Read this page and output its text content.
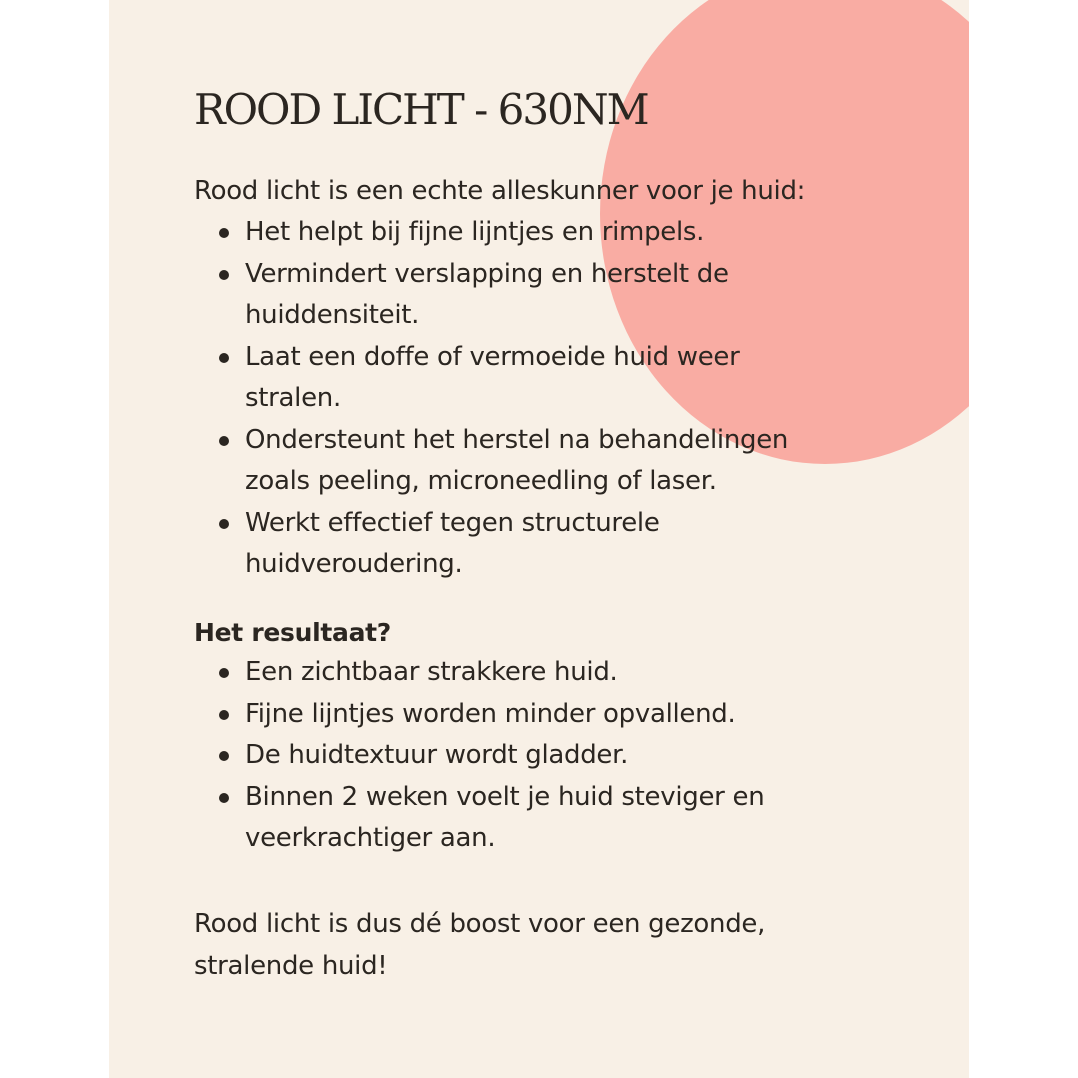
ROOD LICHT - 630NM

Rood licht is een echte alleskunner voor je huid:

Het helpt bij fijne lijntjes en rimpels.
Vermindert verslapping en herstelt de huiddensiteit.
Laat een doffe of vermoeide huid weer stralen.
Ondersteunt het herstel na behandelingen zoals peeling, microneedling of laser.
Werkt effectief tegen structurele huidveroudering.

Het resultaat?

Een zichtbaar strakkere huid.
Fijne lijntjes worden minder opvallend.
De huidtextuur wordt gladder.
Binnen 2 weken voelt je huid steviger en veerkrachtiger aan.

Rood licht is dus dé boost voor een gezonde, stralende huid!
